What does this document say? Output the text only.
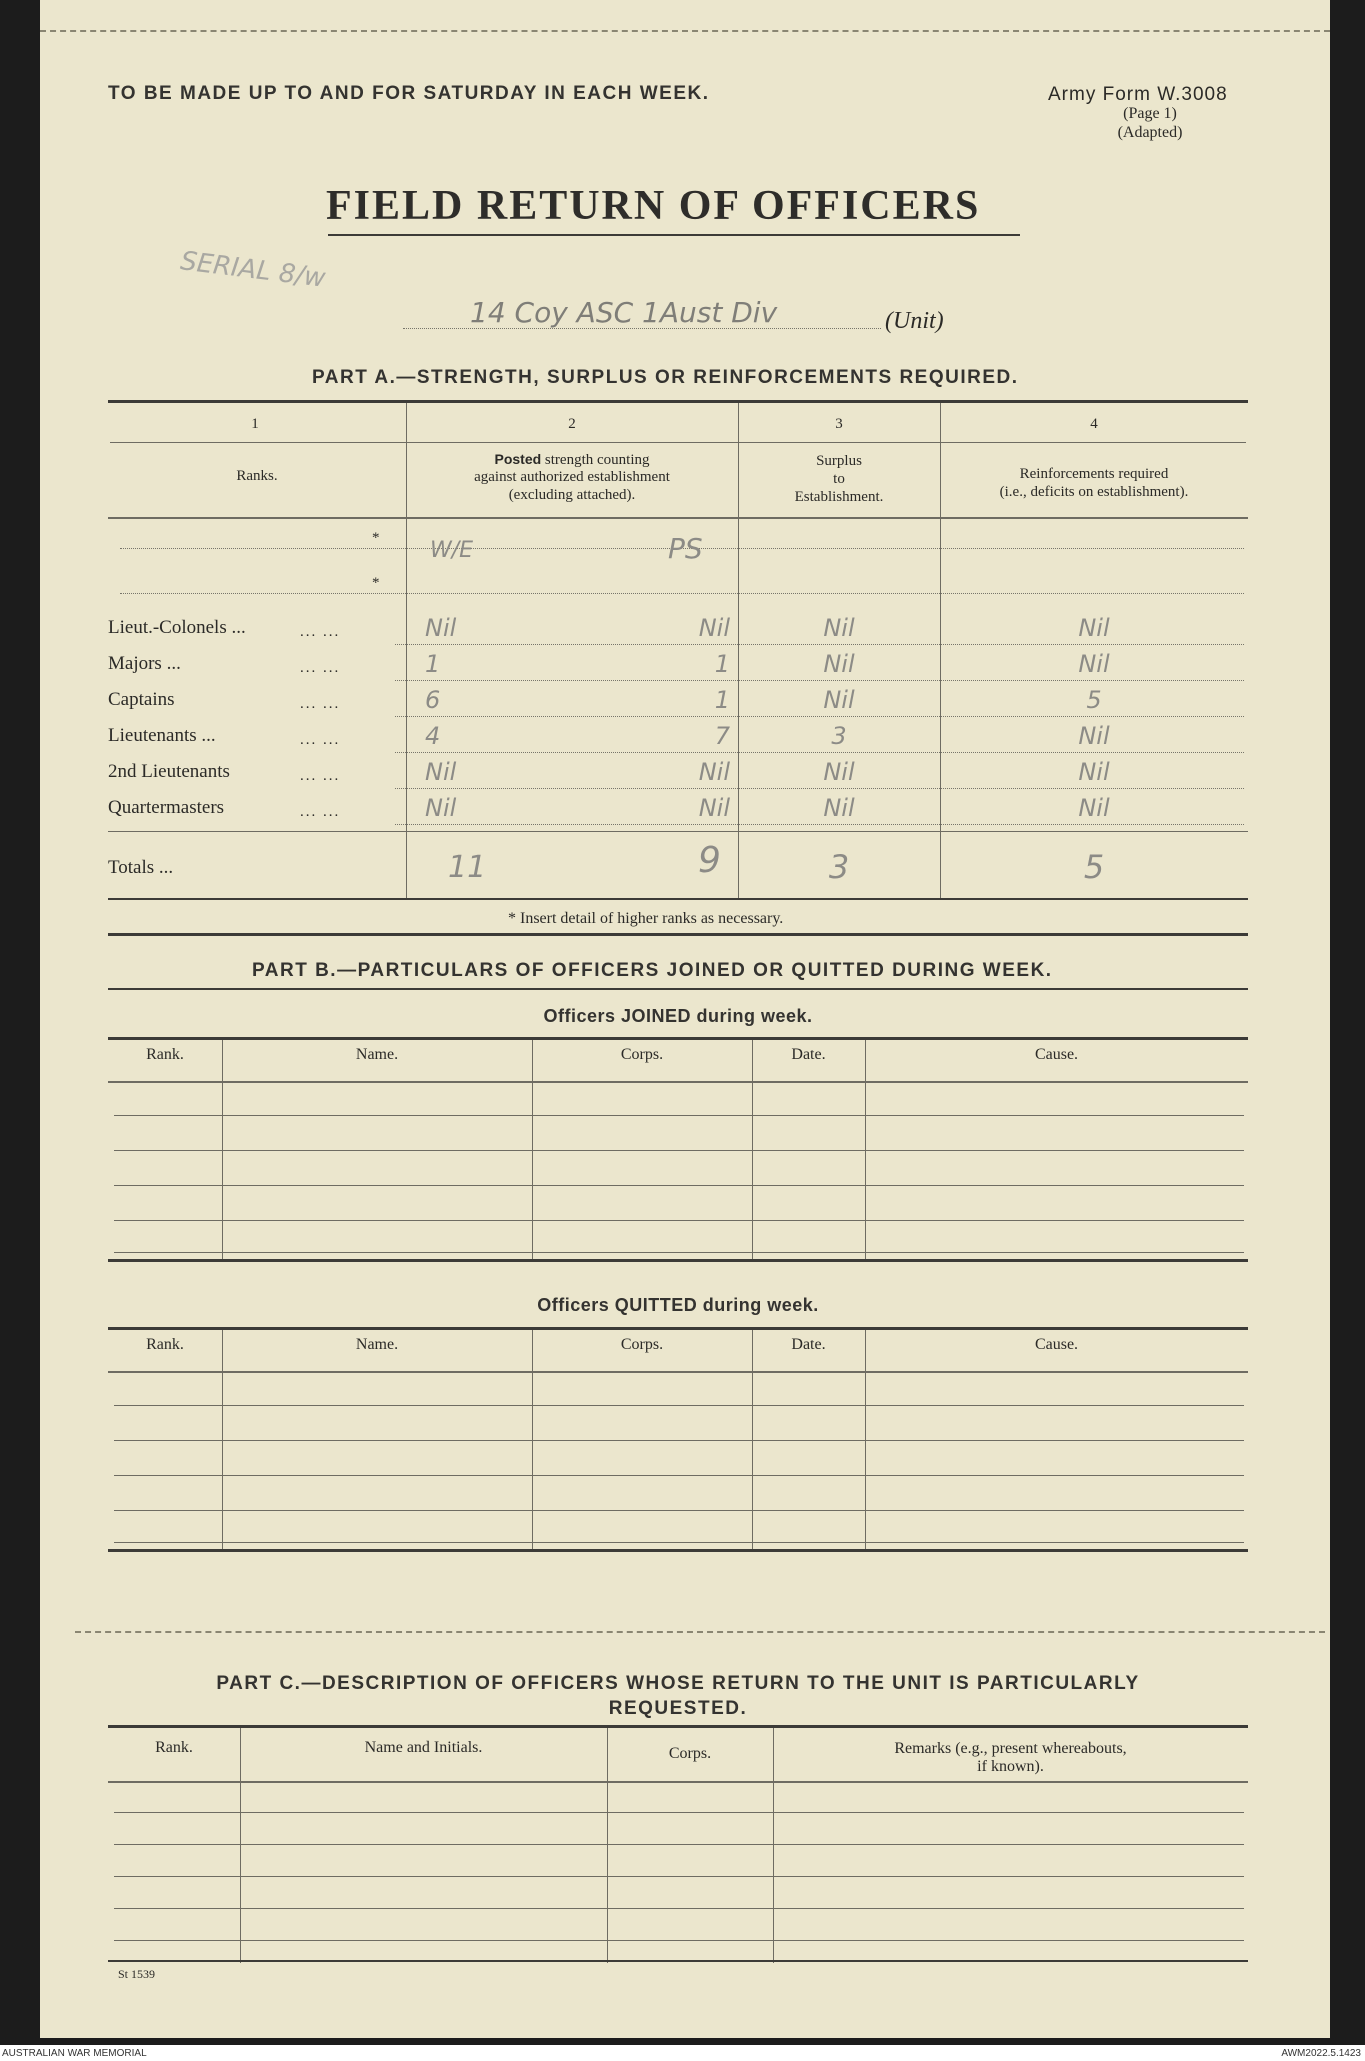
TO BE MADE UP TO AND FOR SATURDAY IN EACH WEEK.	Army Form W.3008
(Page 1)
(Adapted)
FIELD RETURN OF OFFICERS
SERIAL 8/w
14 Coy ASC 1Aust Div	(Unit)
PART A.—STRENGTH, SURPLUS OR REINFORCEMENTS REQUIRED.
1	2	3	4
Ranks.
Posted strength counting
against authorized establishment
(excluding attached).
Surplus
to
Establishment.
Reinforcements required
(i.e., deficits on establishment).
*
*
W/E	PS
Lieut.-Colonels ...	... ...	Nil	Nil	Nil	Nil
Majors ...	... ...	1	1	Nil	Nil
Captains	... ...	6	1	Nil	5
Lieutenants ...	... ...	4	7	3	Nil
2nd Lieutenants	... ...	Nil	Nil	Nil	Nil
Quartermasters	... ...	Nil	Nil	Nil	Nil
Totals ...	11	9	3	5
* Insert detail of higher ranks as necessary.
PART B.—PARTICULARS OF OFFICERS JOINED OR QUITTED DURING WEEK.
Officers JOINED during week.
Rank.	Name.	Corps.	Date.	Cause.
Officers QUITTED during week.
Rank.	Name.	Corps.	Date.	Cause.
PART C.—DESCRIPTION OF OFFICERS WHOSE RETURN TO THE UNIT IS PARTICULARLY
REQUESTED.
Rank.	Name and Initials.	Corps.	Remarks (e.g., present whereabouts,
if known).
St 1539
AUSTRALIAN WAR MEMORIAL	AWM2022.5.1423
